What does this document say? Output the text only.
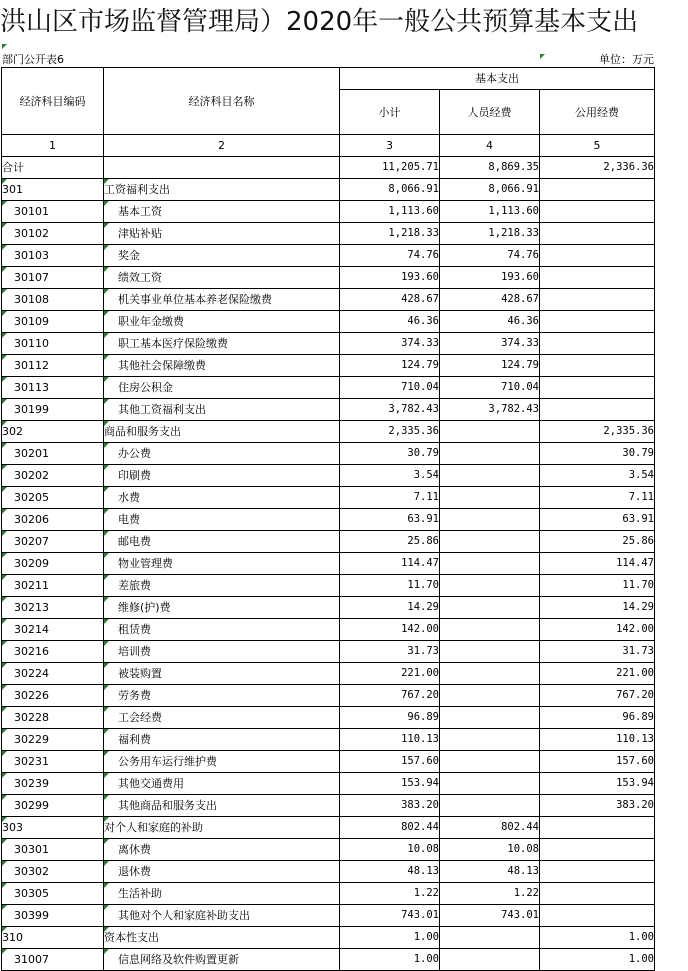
洪山区市场监督管理局）2020年一般公共预算基本支出
部门公开表6	单位：万元
经济科目编码	经济科目名称	基本支出		
		小计	人员经费	公用经费
1	2	3	4	5
合计		11,205.71	8,869.35	2,336.36
301	工资福利支出	8,066.91	8,066.91	
30101	基本工资	1,113.60	1,113.60	
30102	津贴补贴	1,218.33	1,218.33	
30103	奖金	74.76	74.76	
30107	绩效工资	193.60	193.60	
30108	机关事业单位基本养老保险缴费	428.67	428.67	
30109	职业年金缴费	46.36	46.36	
30110	职工基本医疗保险缴费	374.33	374.33	
30112	其他社会保障缴费	124.79	124.79	
30113	住房公积金	710.04	710.04	
30199	其他工资福利支出	3,782.43	3,782.43	
302	商品和服务支出	2,335.36		2,335.36
30201	办公费	30.79		30.79
30202	印刷费	3.54		3.54
30205	水费	7.11		7.11
30206	电费	63.91		63.91
30207	邮电费	25.86		25.86
30209	物业管理费	114.47		114.47
30211	差旅费	11.70		11.70
30213	维修(护)费	14.29		14.29
30214	租赁费	142.00		142.00
30216	培训费	31.73		31.73
30224	被装购置	221.00		221.00
30226	劳务费	767.20		767.20
30228	工会经费	96.89		96.89
30229	福利费	110.13		110.13
30231	公务用车运行维护费	157.60		157.60
30239	其他交通费用	153.94		153.94
30299	其他商品和服务支出	383.20		383.20
303	对个人和家庭的补助	802.44	802.44	
30301	离休费	10.08	10.08	
30302	退休费	48.13	48.13	
30305	生活补助	1.22	1.22	
30399	其他对个人和家庭补助支出	743.01	743.01	
310	资本性支出	1.00		1.00
31007	信息网络及软件购置更新	1.00		1.00
